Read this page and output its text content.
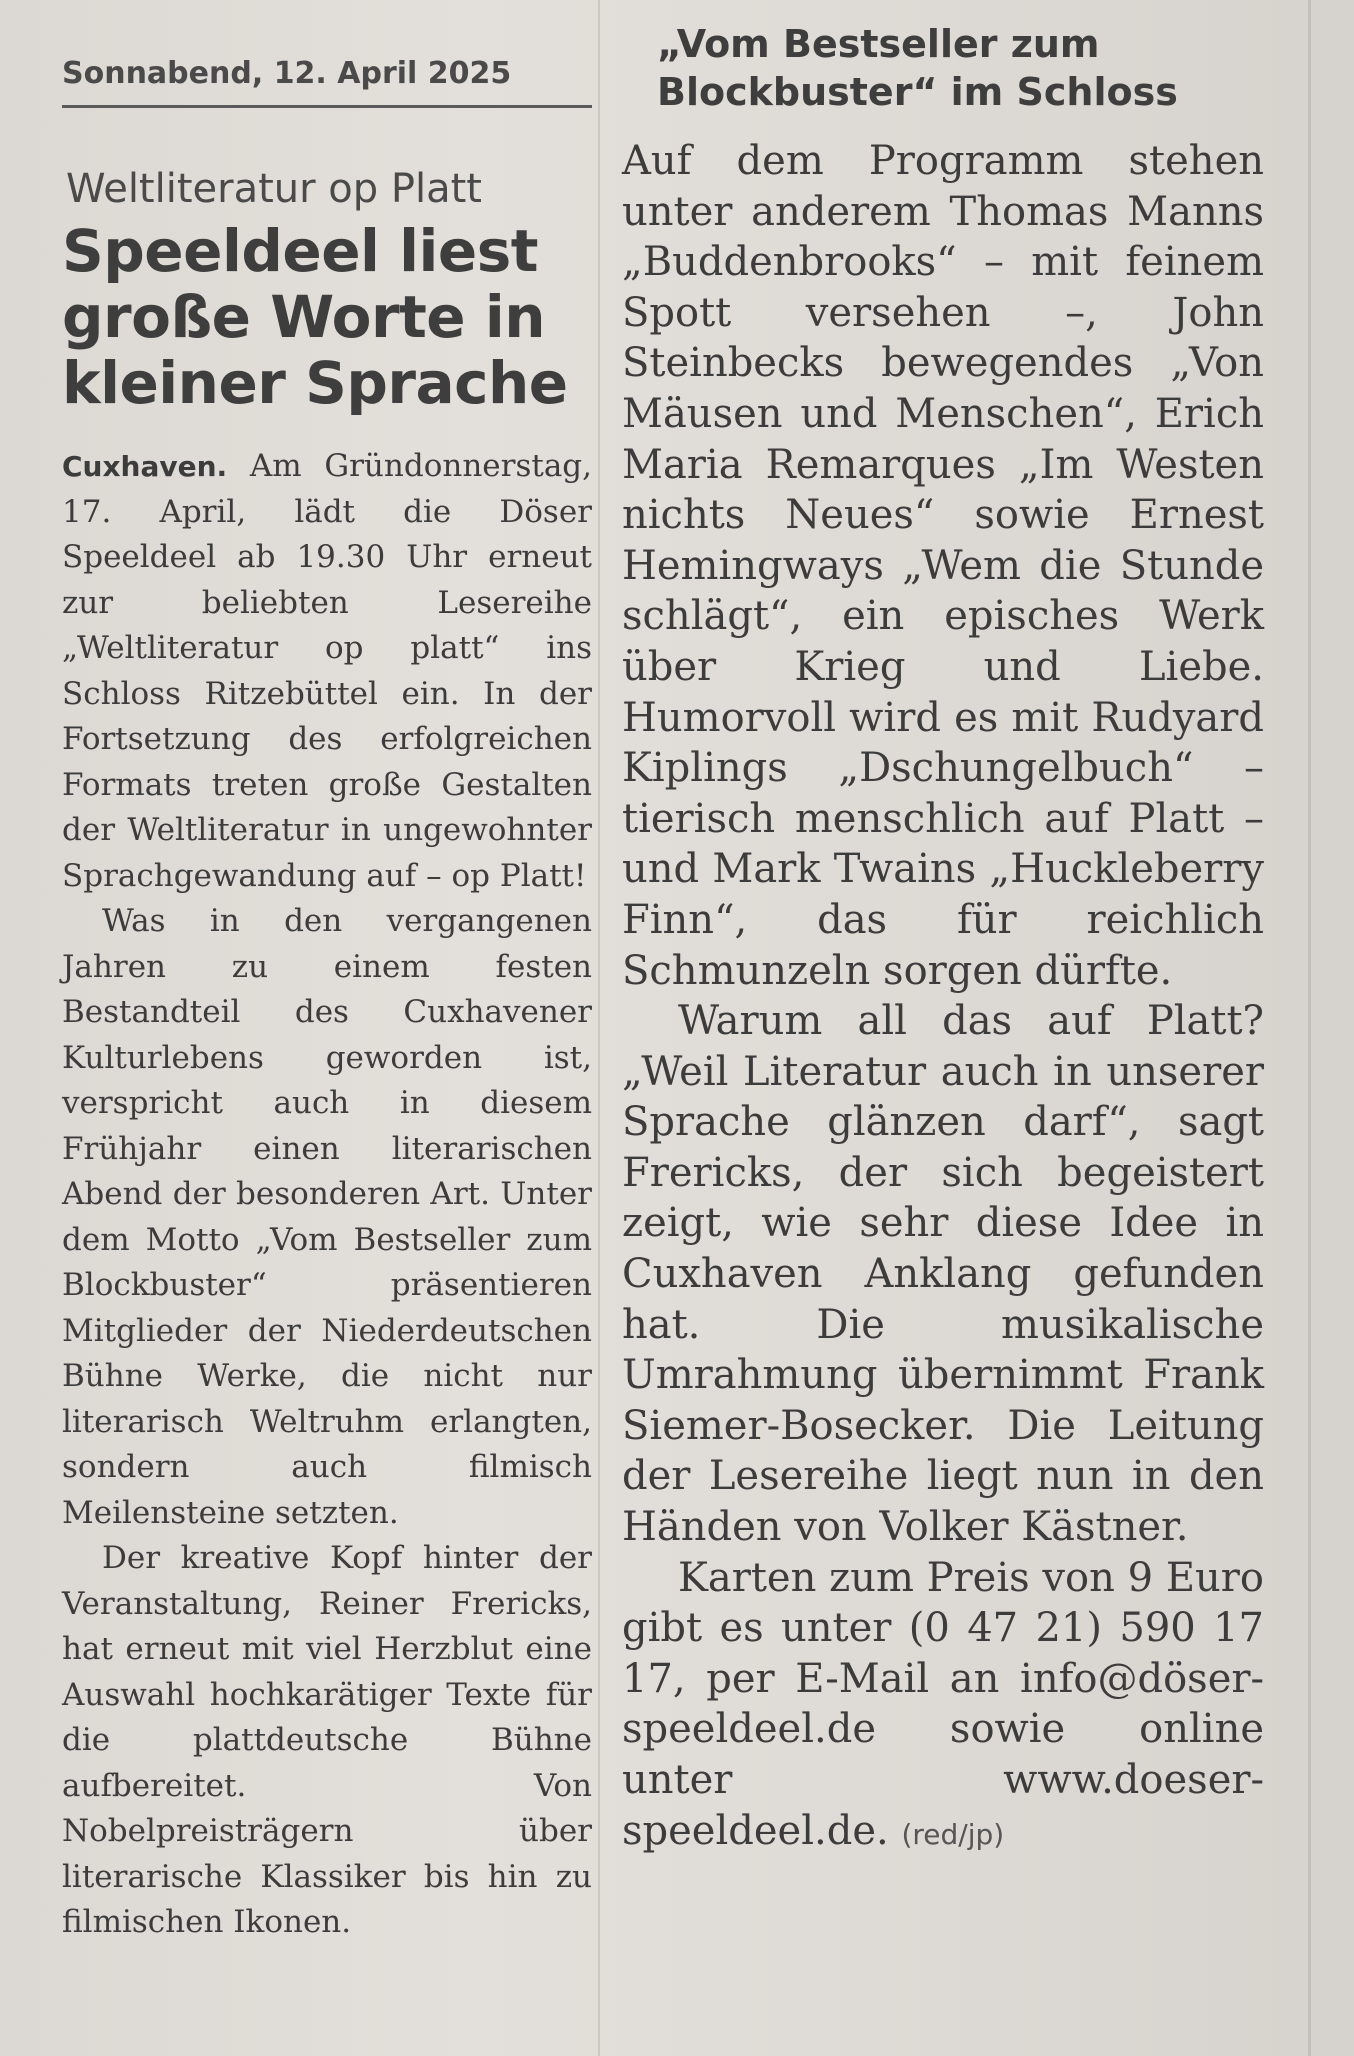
Sonnabend, 12. April 2025
Weltliteratur op Platt
Speeldeel liest große Worte in kleiner Sprache

Cuxhaven. Am Gründonnerstag, 17. April, lädt die Döser Speeldeel ab 19.30 Uhr erneut zur beliebten Lesereihe „Weltliteratur op platt“ ins Schloss Ritzebüttel ein. In der Fortsetzung des erfolgreichen Formats treten große Gestalten der Weltliteratur in ungewohnter Sprachgewandung auf – op Platt!

Was in den vergangenen Jahren zu einem festen Bestandteil des Cuxhavener Kulturlebens geworden ist, verspricht auch in diesem Frühjahr einen literarischen Abend der besonderen Art. Unter dem Motto „Vom Bestseller zum Blockbuster“ präsentieren Mitglieder der Niederdeutschen Bühne Werke, die nicht nur literarisch Weltruhm erlangten, sondern auch filmisch Meilensteine setzten.

Der kreative Kopf hinter der Veranstaltung, Reiner Frericks, hat erneut mit viel Herzblut eine Auswahl hochkarätiger Texte für die plattdeutsche Bühne aufbereitet. Von Nobelpreisträgern über literarische Klassiker bis hin zu filmischen Ikonen.

„Vom Bestseller zum Blockbuster“ im Schloss

Auf dem Programm stehen unter anderem Thomas Manns „Buddenbrooks“ – mit feinem Spott versehen –, John Steinbecks bewegendes „Von Mäusen und Menschen“, Erich Maria Remarques „Im Westen nichts Neues“ sowie Ernest Hemingways „Wem die Stunde schlägt“, ein episches Werk über Krieg und Liebe. Humorvoll wird es mit Rudyard Kiplings „Dschungelbuch“ – tierisch menschlich auf Platt – und Mark Twains „Huckleberry Finn“, das für reichlich Schmunzeln sorgen dürfte.

Warum all das auf Platt? „Weil Literatur auch in unserer Sprache glänzen darf“, sagt Frericks, der sich begeistert zeigt, wie sehr diese Idee in Cuxhaven Anklang gefunden hat. Die musikalische Umrahmung übernimmt Frank Siemer-Bosecker. Die Leitung der Lesereihe liegt nun in den Händen von Volker Kästner.

Karten zum Preis von 9 Euro gibt es unter (0 47 21) 590 17 17, per E-Mail an info@döser-speeldeel.de sowie online unter www.doeser-speeldeel.de. (red/jp)
